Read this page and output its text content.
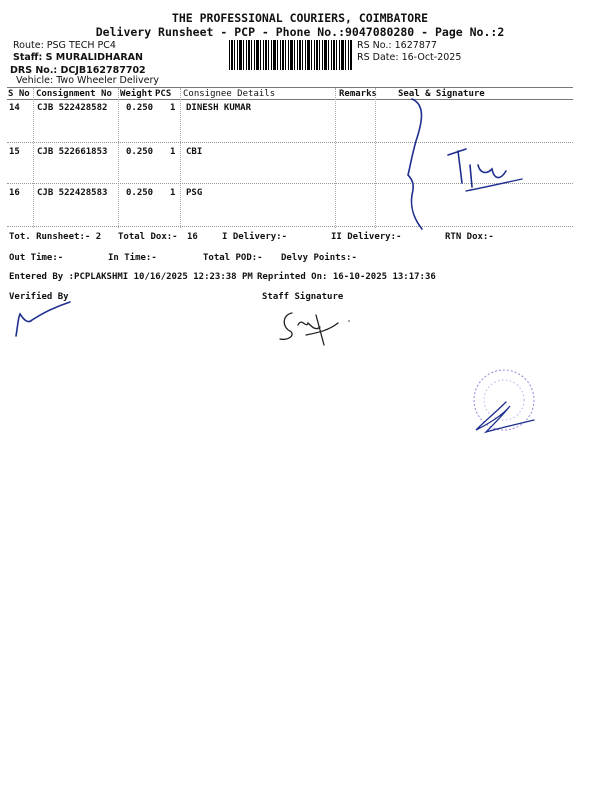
THE PROFESSIONAL COURIERS, COIMBATORE
Delivery Runsheet - PCP - Phone No.:9047080280 - Page No.:2
Route: PSG TECH PC4
Staff: S MURALIDHARAN
DRS No.: DCJB162787702
Vehicle: Two Wheeler Delivery
RS No.: 1627877
RS Date: 16-Oct-2025
S No Consignment No Weight PCS Consignee Details	Remarks Seal & Signature
14 CJB 522428582 0.250 1 DINESH KUMAR
15 CJB 522661853 0.250 1 CBI
16 CJB 522428583 0.250 1 PSG
Tot. Runsheet:- 2 Total Dox:- 16	I Delivery:-	II Delivery:-	RTN Dox:-
Out Time:-	In Time:-	Total POD:- Delvy Points:-
Entered By :PCPLAKSHMI 10/16/2025 12:23:38 PM Reprinted On: 16-10-2025 13:17:36
Verified By	Staff Signature
